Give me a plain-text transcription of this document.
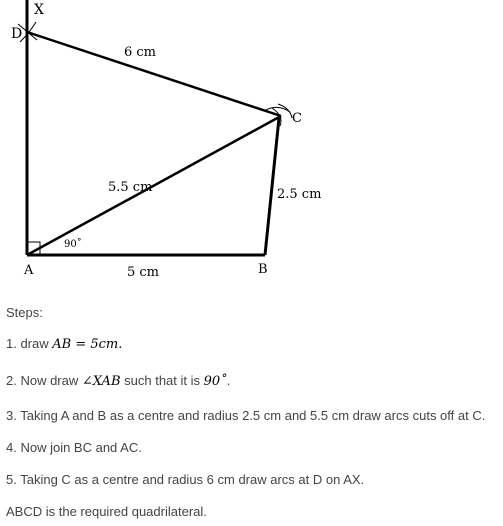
X
D
C
A	B
6 cm
5.5 cm	2.5 cm
5 cm
90˚

Steps:

1. draw AB = 5cm.

2. Now draw ∠XAB such that it is 90˚.

3. Taking A and B as a centre and radius 2.5 cm and 5.5 cm draw arcs cuts off at C.

4. Now join BC and AC.

5. Taking C as a centre and radius 6 cm draw arcs at D on AX.

ABCD is the required quadrilateral.
